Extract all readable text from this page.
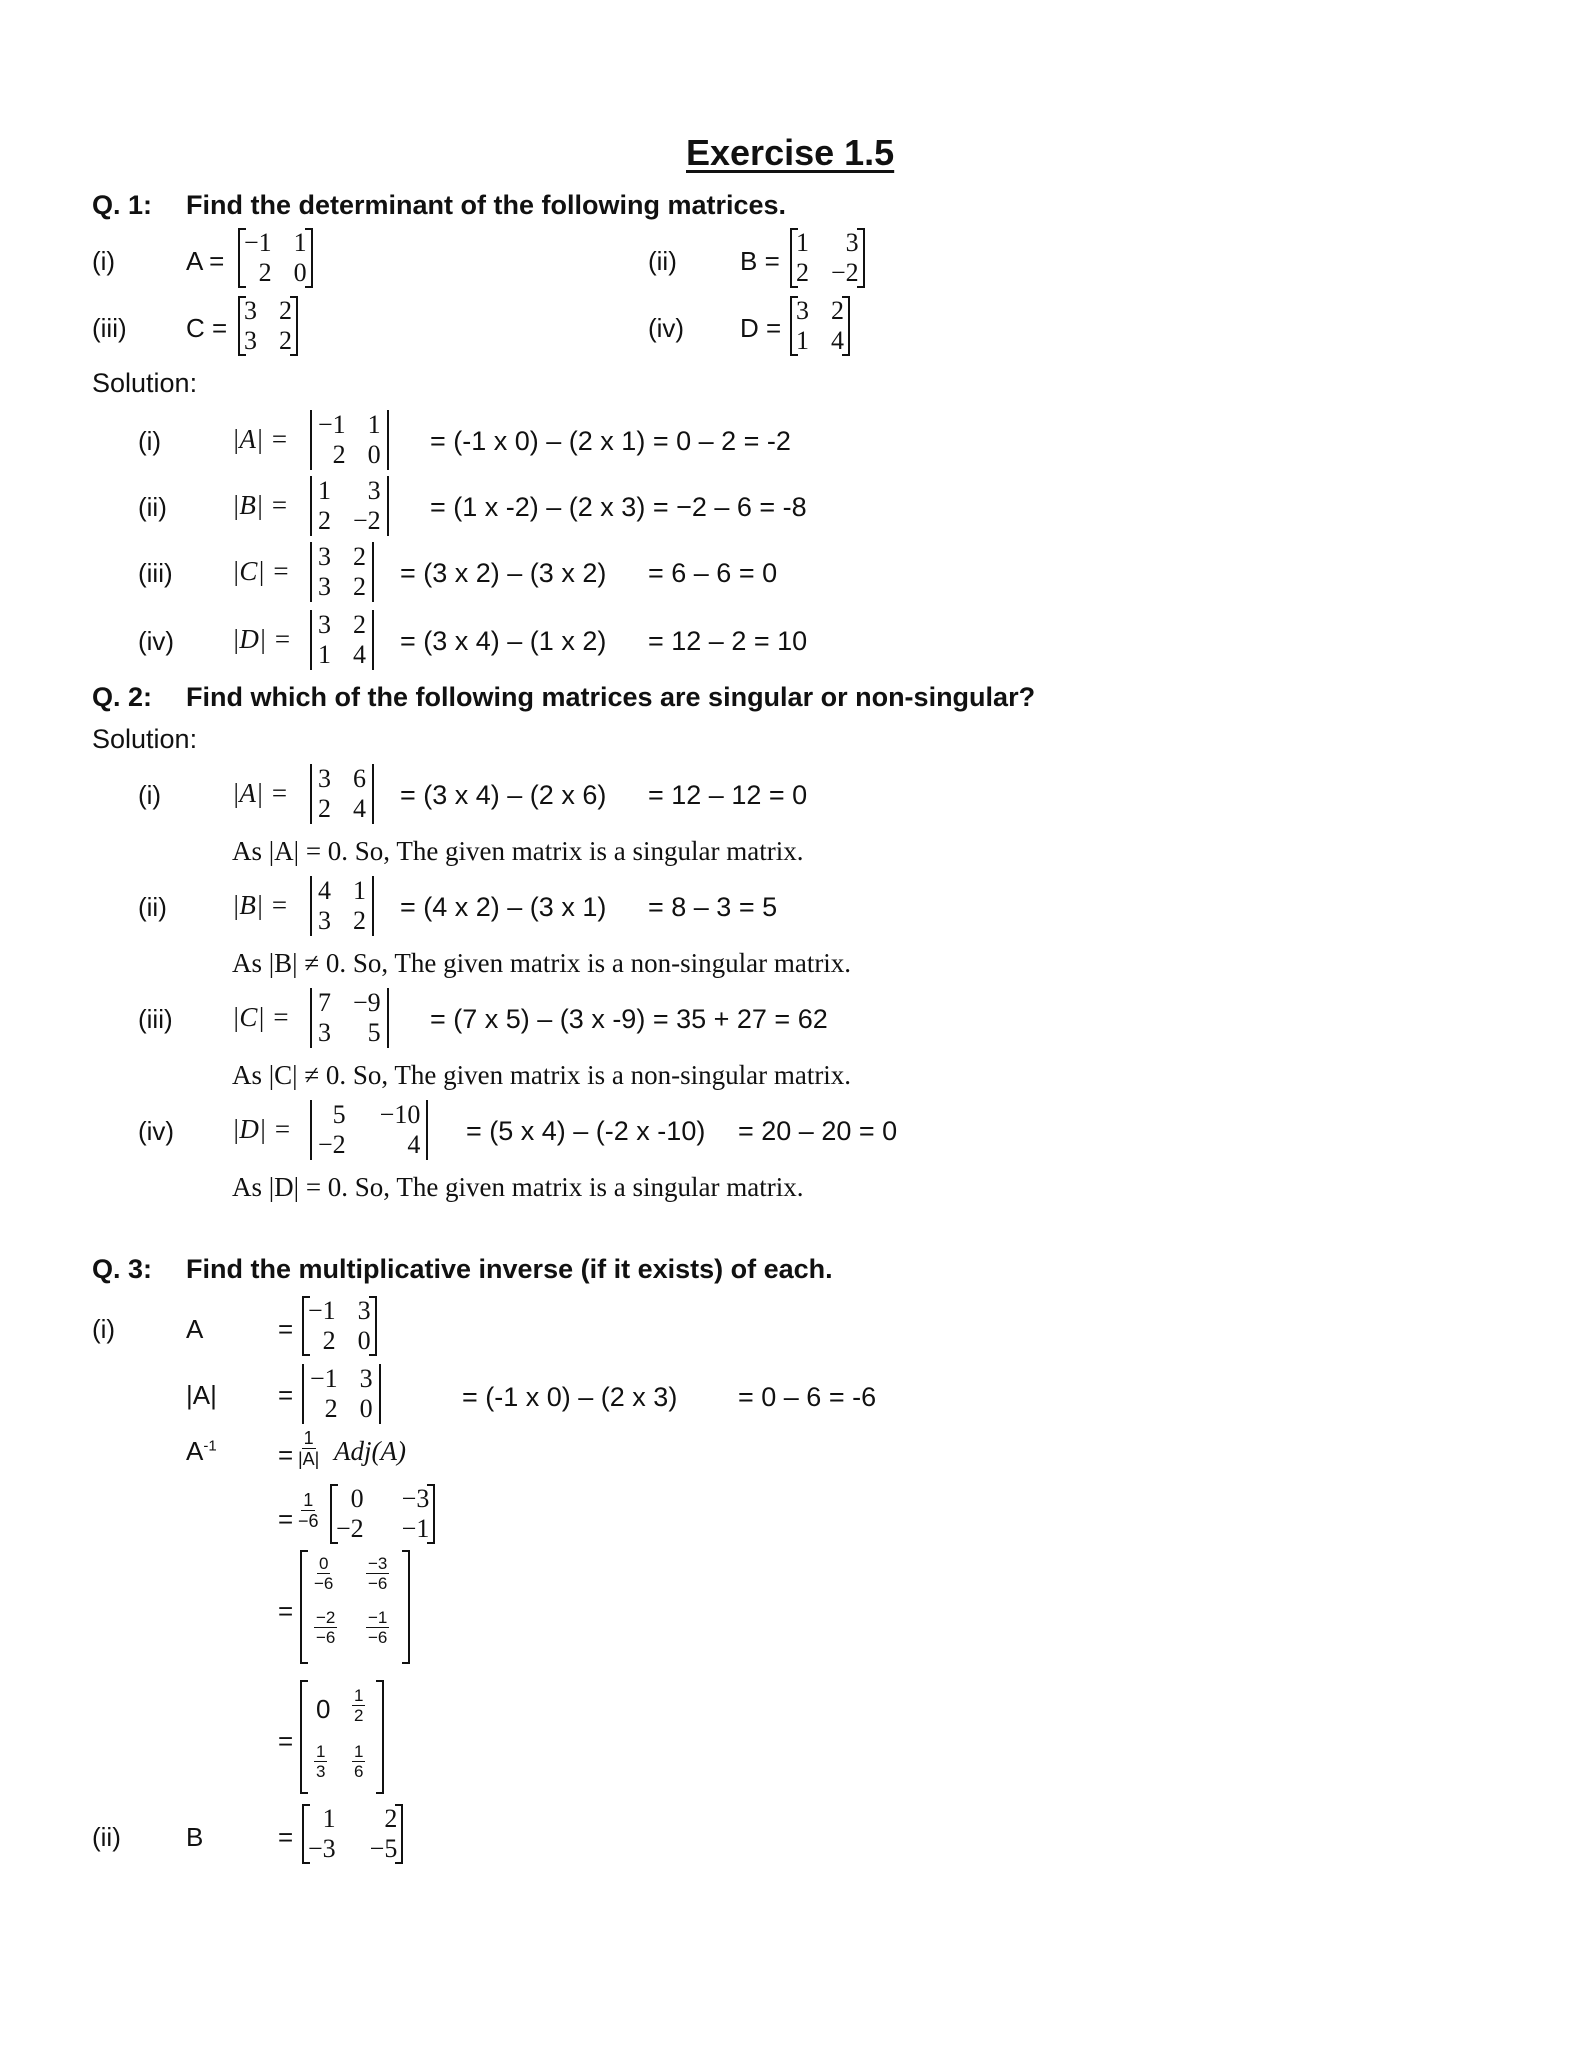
Exercise 1.5
Q. 1: Find the determinant of the following matrices.
(i)	A =
−1 1
2 0	(ii) B =
1	3
2 −2
(iii) C =
3 2
3 2	(iv) D =
3 2
1 4
Solution:
(i)	|A| = −1 1
2 0 = (-1 x 0) – (2 x 1) = 0 – 2 = -2
(ii) |B| = 1	3
2 −2 = (1 x -2) – (2 x 3) = −2 – 6 = -8
(iii) |C| = 3 2
3 2 = (3 x 2) – (3 x 2) = 6 – 6 = 0
(iv) |D| = 3 2
1 4 = (3 x 4) – (1 x 2) = 12 – 2 = 10
Q. 2: Find which of the following matrices are singular or non-singular?
Solution:
(i)	|A| = 3 6
2 4 = (3 x 4) – (2 x 6) = 12 – 12 = 0
As |A| = 0. So, The given matrix is a singular matrix.
(ii) |B| = 4 1
3 2 = (4 x 2) – (3 x 1) = 8 – 3 = 5
As |B| ≠ 0. So, The given matrix is a non-singular matrix.
(iii) |C| = 7 −9
3	5 = (7 x 5) – (3 x -9) = 35 + 27 = 62
As |C| ≠ 0. So, The given matrix is a non-singular matrix.
(iv) |D| =	5 −10
−2	4 = (5 x 4) – (-2 x -10) = 20 – 20 = 0
As |D| = 0. So, The given matrix is a singular matrix.
Q. 3: Find the multiplicative inverse (if it exists) of each.
(i)	A	=
−1 3
2 0
|A| =
−1 3
2 0	= (-1 x 0) – (2 x 3) = 0 – 6 = -6
$A^{-1} = \frac{1}{|A|} Adj(A)$
= $\frac{1}{-6}$	0 −3
−2 −1
=
$\frac{0}{-6} \frac{-3}{-6}$
$\frac{-2}{-6} \frac{-1}{-6}$
=
$0 \frac{1}{2}$
$\frac{1}{3} \frac{1}{6}$
(ii)	B	=
1	2
−3 −5
